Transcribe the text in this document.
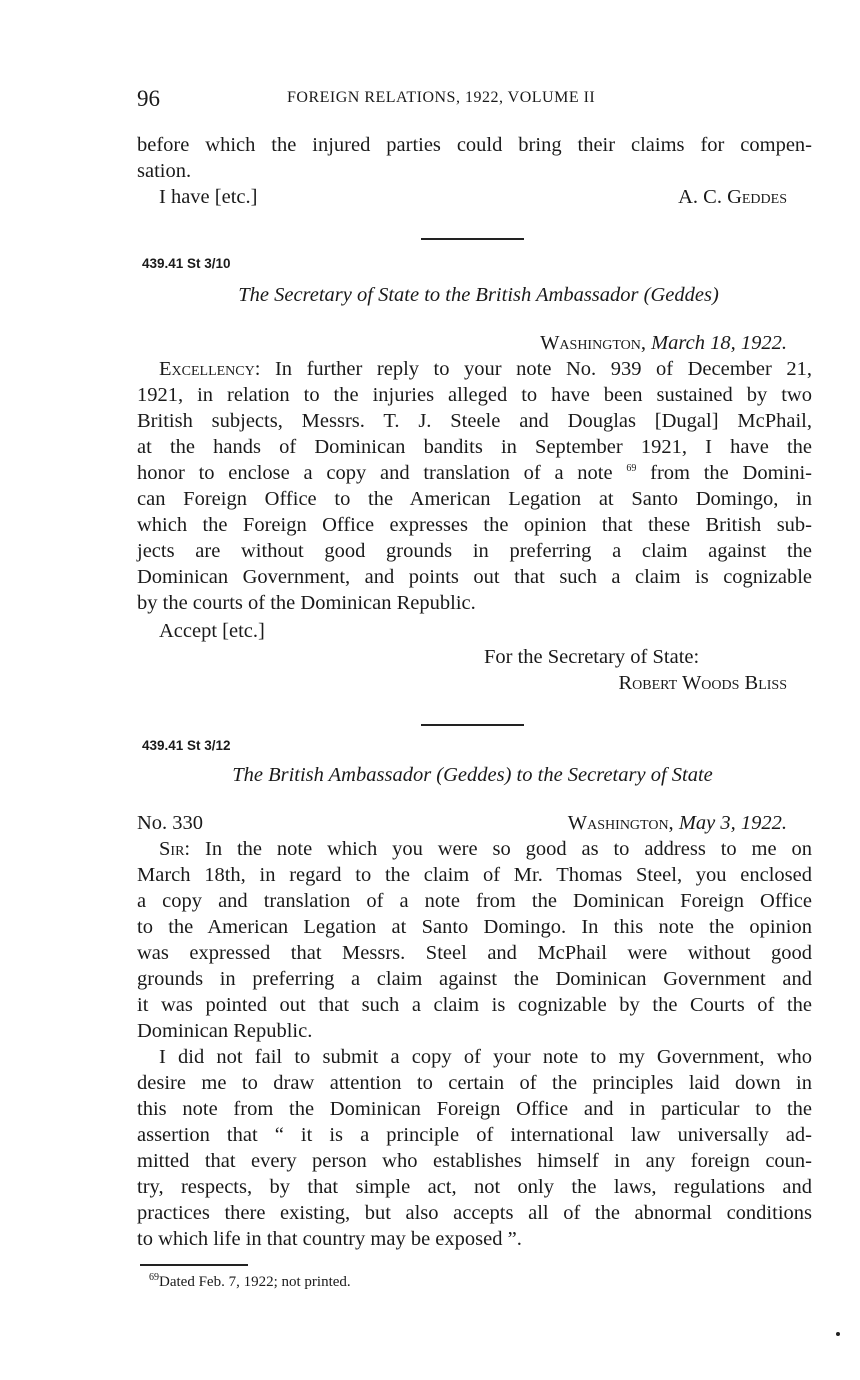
96	FOREIGN RELATIONS, 1922, VOLUME II
before which the injured parties could bring their claims for compen-
sation.
I have [etc.]	A. C. Geddes
439.41 St 3/10
The Secretary of State to the British Ambassador (Geddes)
Washington, March 18, 1922.
Excellency: In further reply to your note No. 939 of December 21,
1921, in relation to the injuries alleged to have been sustained by two
British subjects, Messrs. T. J. Steele and Douglas [Dugal] McPhail,
at the hands of Dominican bandits in September 1921, I have the
honor to enclose a copy and translation of a note $^{69}$ from the Domini-
can Foreign Office to the American Legation at Santo Domingo, in
which the Foreign Office expresses the opinion that these British sub-
jects are without good grounds in preferring a claim against the
Dominican Government, and points out that such a claim is cognizable
by the courts of the Dominican Republic.
Accept [etc.]
For the Secretary of State:
Robert Woods Bliss
439.41 St 3/12
The British Ambassador (Geddes) to the Secretary of State
No. 330	Washington, May 3, 1922.
Sir: In the note which you were so good as to address to me on
March 18th, in regard to the claim of Mr. Thomas Steel, you enclosed
a copy and translation of a note from the Dominican Foreign Office
to the American Legation at Santo Domingo. In this note the opinion
was expressed that Messrs. Steel and McPhail were without good
grounds in preferring a claim against the Dominican Government and
it was pointed out that such a claim is cognizable by the Courts of the
Dominican Republic.
I did not fail to submit a copy of your note to my Government, who
desire me to draw attention to certain of the principles laid down in
this note from the Dominican Foreign Office and in particular to the
assertion that “ it is a principle of international law universally ad-
mitted that every person who establishes himself in any foreign coun-
try, respects, by that simple act, not only the laws, regulations and
practices there existing, but also accepts all of the abnormal conditions
to which life in that country may be exposed ”.
$^{69}$Dated Feb. 7, 1922; not printed.
